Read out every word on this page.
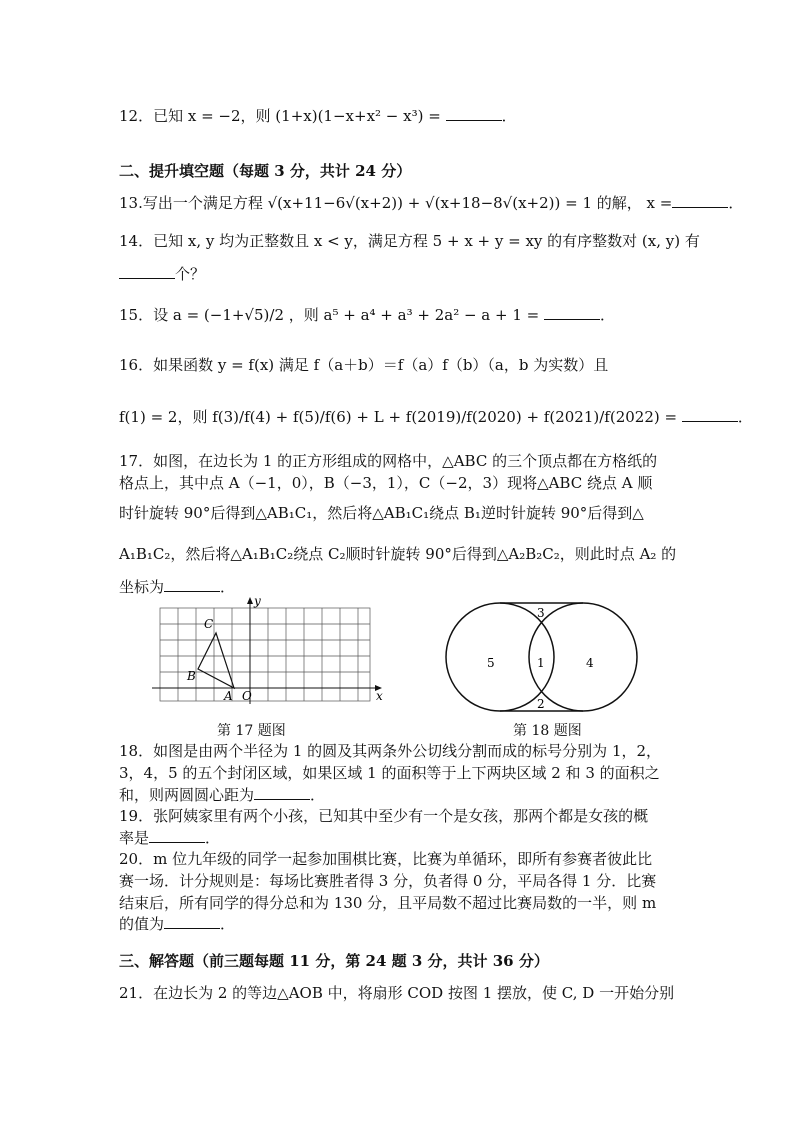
12．已知 x = −2，则 (1+x)(1−x+x² − x³) =	．
二、提升填空题（每题 3 分，共计 24 分）
13.写出一个满足方程 √(x+11−6√(x+2)) + √(x+18−8√(x+2)) = 1 的解， x =	．
14．已知 x, y 均为正整数且 x < y，满足方程 5 + x + y = xy 的有序整数对 (x, y) 有
个？
15．设 a = (−1+√5)/2 ，则 a⁵ + a⁴ + a³ + 2a² − a + 1 =	．
16．如果函数 y = f(x) 满足 f（a＋b）＝f（a）f（b）（a，b 为实数）且
f(1) = 2，则 f(3)/f(4) + f(5)/f(6) + L + f(2019)/f(2020) + f(2021)/f(2022) =	．
17．如图，在边长为 1 的正方形组成的网格中，△ABC 的三个顶点都在方格纸的
格点上，其中点 A（−1，0），B（−3，1），C（−2，3）现将△ABC 绕点 A 顺
时针旋转 90°后得到△AB₁C₁，然后将△AB₁C₁绕点 B₁逆时针旋转 90°后得到△
A₁B₁C₂，然后将△A₁B₁C₂绕点 C₂顺时针旋转 90°后得到△A₂B₂C₂，则此时点 A₂ 的
坐标为	．
y
x
C
B
A O
第 17 题图
3
1
2
5	4
第 18 题图
18．如图是由两个半径为 1 的圆及其两条外公切线分割而成的标号分别为 1，2，
3，4，5 的五个封闭区域，如果区域 1 的面积等于上下两块区域 2 和 3 的面积之
和，则两圆圆心距为	．
19．张阿姨家里有两个小孩，已知其中至少有一个是女孩，那两个都是女孩的概
率是	．
20．m 位九年级的同学一起参加围棋比赛，比赛为单循环，即所有参赛者彼此比
赛一场．计分规则是：每场比赛胜者得 3 分，负者得 0 分，平局各得 1 分．比赛
结束后，所有同学的得分总和为 130 分，且平局数不超过比赛局数的一半，则 m
的值为	．
三、解答题（前三题每题 11 分，第 24 题 3 分，共计 36 分）
21．在边长为 2 的等边△AOB 中，将扇形 COD 按图 1 摆放，使 C, D 一开始分别
